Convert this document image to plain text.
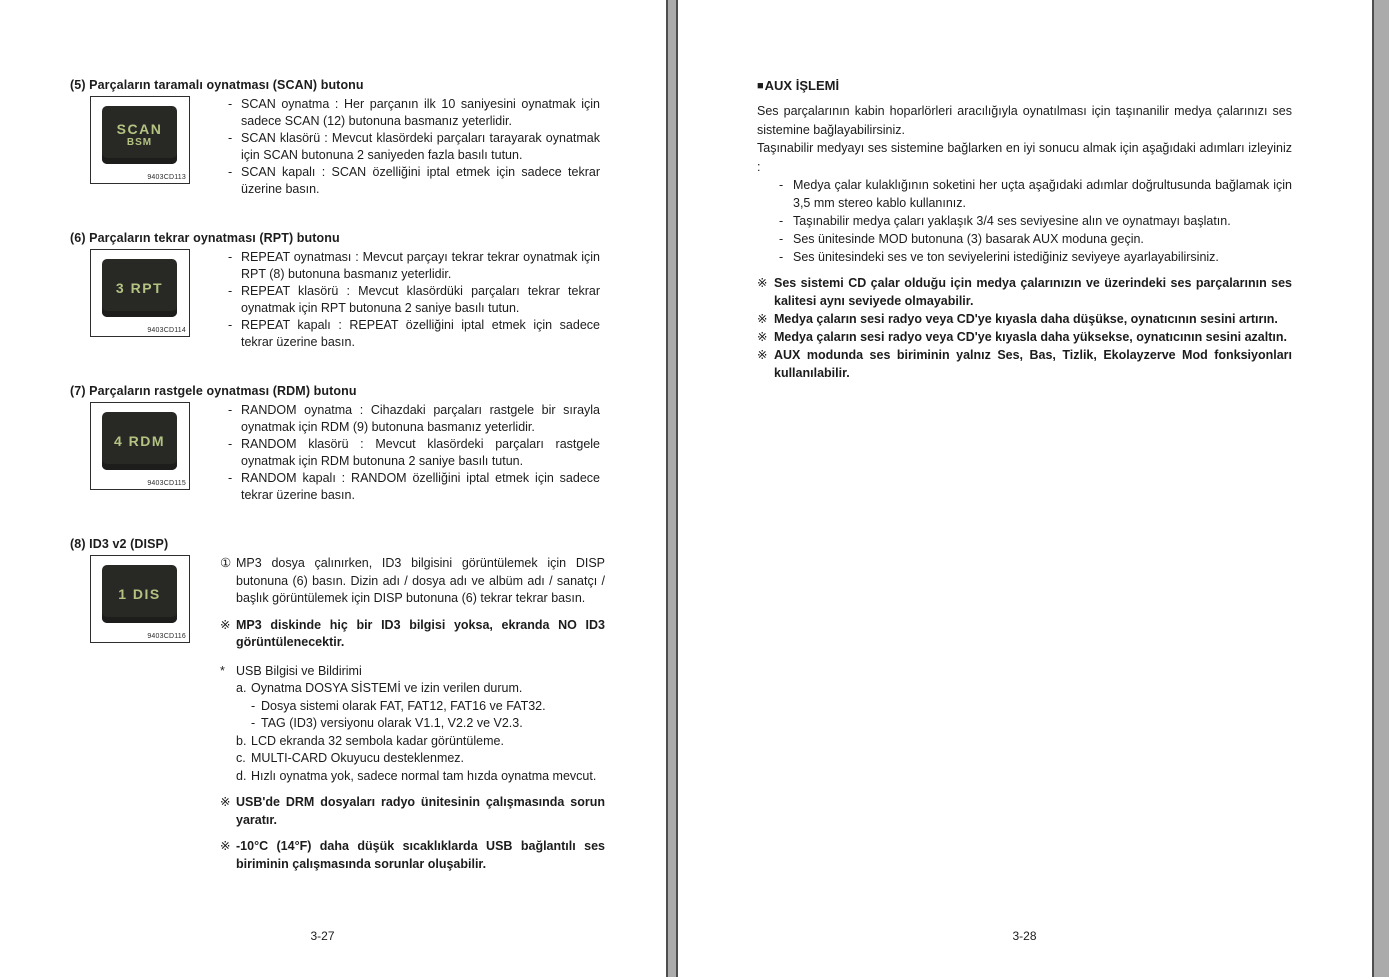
(5) Parçaların taramalı oynatması (SCAN) butonu
SCAN
BSM
9403CD113
- SCAN oynatma : Her parçanın ilk 10 saniyesini oynatmak için sadece SCAN (12) butonuna basmanız yeterlidir.
- SCAN klasörü : Mevcut klasördeki parçaları tarayarak oynatmak için SCAN butonuna 2 saniyeden fazla basılı tutun.
- SCAN kapalı : SCAN özelliğini iptal etmek için sadece tekrar üzerine basın.
(6) Parçaların tekrar oynatması (RPT) butonu
3 RPT
9403CD114
- REPEAT oynatması : Mevcut parçayı tekrar tekrar oynatmak için RPT (8) butonuna basmanız yeterlidir.
- REPEAT klasörü : Mevcut klasördüki parçaları tekrar tekrar oynatmak için RPT butonuna 2 saniye basılı tutun.
- REPEAT kapalı : REPEAT özelliğini iptal etmek için sadece tekrar üzerine basın.
(7) Parçaların rastgele oynatması (RDM) butonu
4 RDM
9403CD115
- RANDOM oynatma : Cihazdaki parçaları rastgele bir sırayla oynatmak için RDM (9) butonuna basmanız yeterlidir.
- RANDOM klasörü : Mevcut klasördeki parçaları rastgele oynatmak için RDM butonuna 2 saniye basılı tutun.
- RANDOM kapalı : RANDOM özelliğini iptal etmek için sadece tekrar üzerine basın.
(8) ID3 v2 (DISP)
1 DIS
9403CD116
① MP3 dosya çalınırken, ID3 bilgisini görüntülemek için DISP butonuna (6) basın. Dizin adı / dosya adı ve albüm adı / sanatçı / başlık görüntülemek için DISP butonuna (6) tekrar tekrar basın.
※ MP3 diskinde hiç bir ID3 bilgisi yoksa, ekranda NO ID3 görüntülenecektir.
* USB Bilgisi ve Bildirimi
a. Oynatma DOSYA SİSTEMİ ve izin verilen durum.
- Dosya sistemi olarak FAT, FAT12, FAT16 ve FAT32.
- TAG (ID3) versiyonu olarak V1.1, V2.2 ve V2.3.
b. LCD ekranda 32 sembola kadar görüntüleme.
c. MULTI-CARD Okuyucu desteklenmez.
d. Hızlı oynatma yok, sadece normal tam hızda oynatma mevcut.
※ USB'de DRM dosyaları radyo ünitesinin çalışmasında sorun yaratır.
※ -10°C (14°F) daha düşük sıcaklıklarda USB bağlantılı ses biriminin çalışmasında sorunlar oluşabilir.
■ AUX İŞLEMİ

Ses parçalarının kabin hoparlörleri aracılığıyla oynatılması için taşınanilir medya çalarınızı ses sistemine bağlayabilirsiniz.

Taşınabilir medyayı ses sistemine bağlarken en iyi sonucu almak için aşağıdaki adımları izleyiniz :

- Medya çalar kulaklığının soketini her uçta aşağıdaki adımlar doğrultusunda bağlamak için 3,5 mm stereo kablo kullanınız.
- Taşınabilir medya çaları yaklaşık 3/4 ses seviyesine alın ve oynatmayı başlatın.
- Ses ünitesinde MOD butonuna (3) basarak AUX moduna geçin.
- Ses ünitesindeki ses ve ton seviyelerini istediğiniz seviyeye ayarlayabilirsiniz.
※ Ses sistemi CD çalar olduğu için medya çalarınızın ve üzerindeki ses parçalarının ses kalitesi aynı seviyede olmayabilir.
※ Medya çaların sesi radyo veya CD'ye kıyasla daha düşükse, oynatıcının sesini artırın.
※ Medya çaların sesi radyo veya CD'ye kıyasla daha yüksekse, oynatıcının sesini azaltın.
※ AUX modunda ses biriminin yalnız Ses, Bas, Tizlik, Ekolayzerve Mod fonksiyonları kullanılabilir.
3-27	3-28
